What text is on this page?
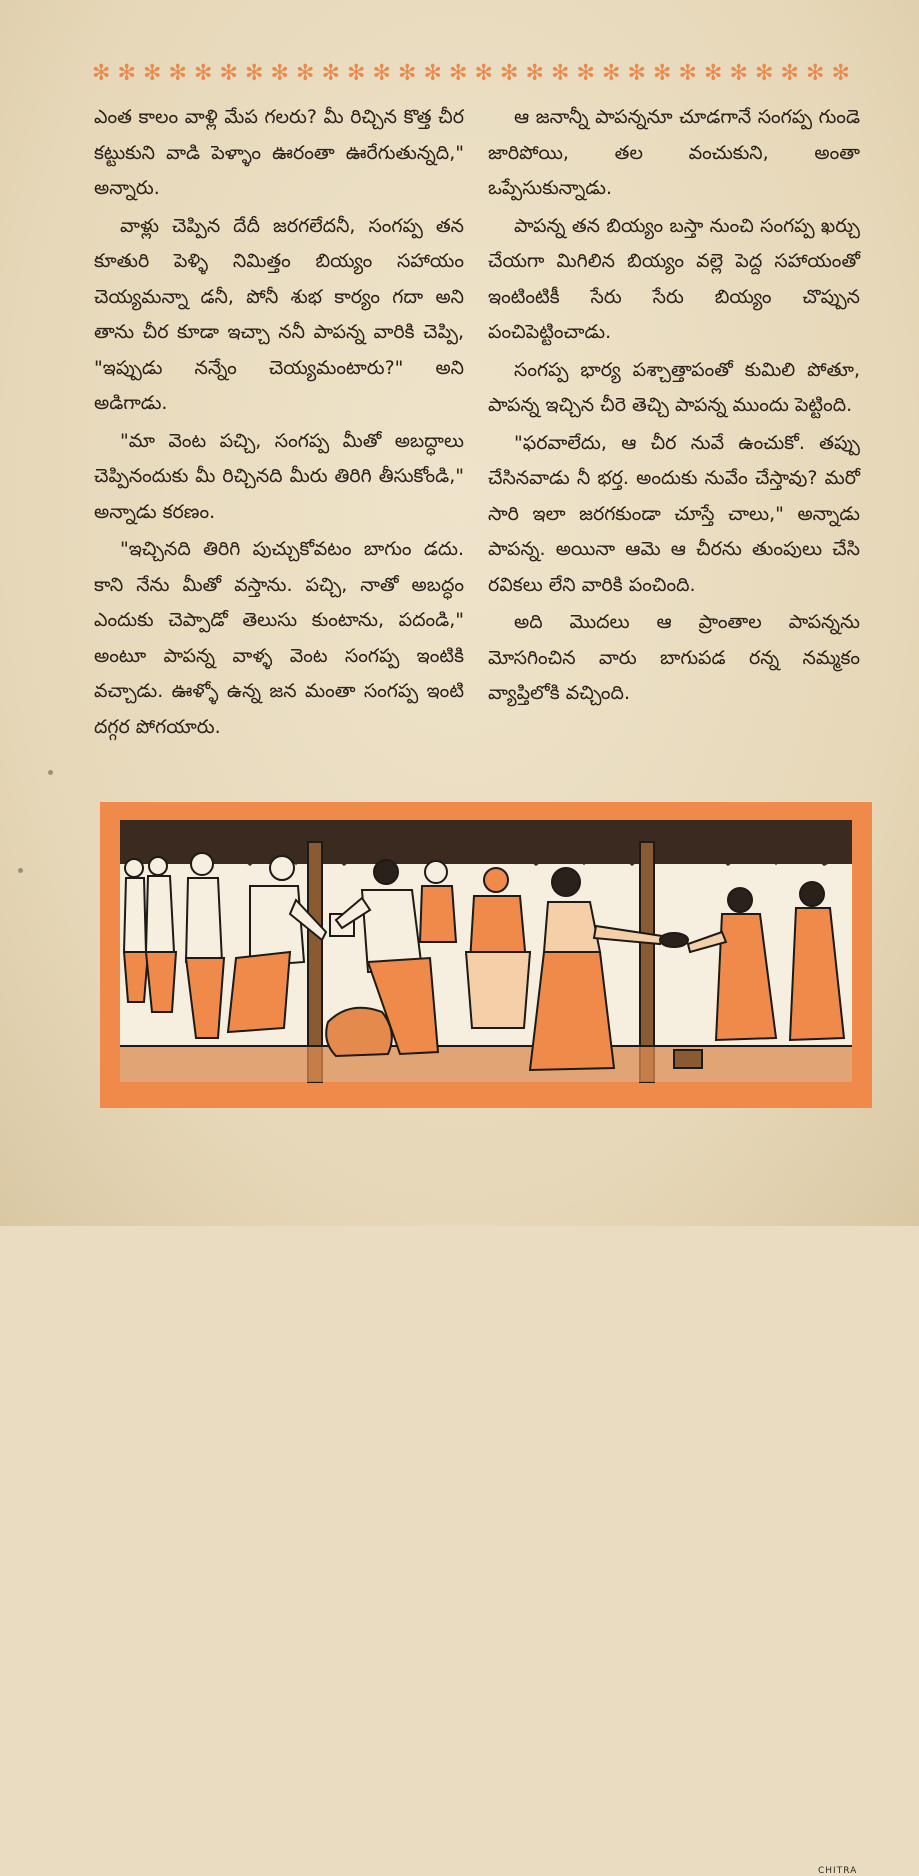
✻ ✻ ✻ ✻ ✻ ✻ ✻ ✻ ✻ ✻ ✻ ✻ ✻ ✻ ✻ ✻ ✻ ✻ ✻ ✻ ✻ ✻ ✻ ✻ ✻ ✻ ✻ ✻ ✻ ✻

ఎంత కాలం వాళ్లి మేప గలరు? మీ రిచ్చిన కొత్త చీర కట్టుకుని వాడి పెళ్ళాం ఊరంతా ఊరేగుతున్నది," అన్నారు.

వాళ్లు చెప్పిన దేదీ జరగలేదనీ, సంగప్ప తన కూతురి పెళ్ళి నిమిత్తం బియ్యం సహాయం చెయ్యమన్నా డనీ, పోనీ శుభ కార్యం గదా అని తాను చీర కూడా ఇచ్చా ననీ పాపన్న వారికి చెప్పి, "ఇప్పుడు నన్నేం చెయ్యమంటారు?" అని అడిగాడు.

"మా వెంట పచ్చి, సంగప్ప మీతో అబద్ధాలు చెప్పినందుకు మీ రిచ్చినది మీరు తిరిగి తీసుకోండి," అన్నాడు కరణం.

"ఇచ్చినది తిరిగి పుచ్చుకోవటం బాగుం డదు. కాని నేను మీతో వస్తాను. పచ్చి, నాతో అబద్ధం ఎందుకు చెప్పాడో తెలుసు కుంటాను, పదండి," అంటూ పాపన్న వాళ్ళ వెంట సంగప్ప ఇంటికి వచ్చాడు. ఊళ్ళో ఉన్న జన మంతా సంగప్ప ఇంటి దగ్గర పోగయారు.

ఆ జనాన్నీ పాపన్ననూ చూడగానే సంగప్ప గుండె జారిపోయి, తల వంచుకుని, అంతా ఒప్పేసుకున్నాడు.

పాపన్న తన బియ్యం బస్తా నుంచి సంగప్ప ఖర్చు చేయగా మిగిలిన బియ్యం వల్లె పెద్ద సహాయంతో ఇంటింటికీ సేరు సేరు బియ్యం చొప్పున పంచిపెట్టించాడు.

సంగప్ప భార్య పశ్చాత్తాపంతో కుమిలి పోతూ, పాపన్న ఇచ్చిన చీరె తెచ్చి పాపన్న ముందు పెట్టింది.

"ఫరవాలేదు, ఆ చీర నువే ఉంచుకో. తప్పు చేసినవాడు నీ భర్త. అందుకు నువేం చేస్తావు? మరో సారి ఇలా జరగకుండా చూస్తే చాలు," అన్నాడు పాపన్న. అయినా ఆమె ఆ చీరను తుంపులు చేసి రవికలు లేని వారికి పంచింది.

అది మొదలు ఆ ప్రాంతాల పాపన్నను మోసగించిన వారు బాగుపడ రన్న నమ్మకం వ్యాప్తిలోకి వచ్చింది.

CHITRA
